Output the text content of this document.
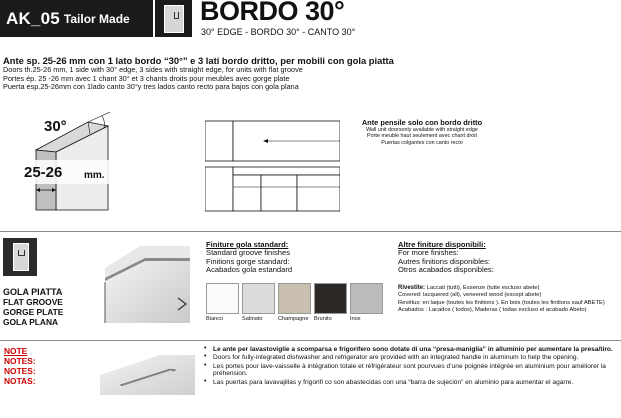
AK_05 Tailor Made	BORDO 30°
30° EDGE - BORDO 30° - CANTO 30°
Ante sp. 25-26 mm con 1 lato bordo “30°” e 3 lati bordo dritto, per mobili con gola piatta
Doors th.25-26 mm, 1 side with 30° edge, 3 sides with straight edge, for units with flat groove
Portes ép. 25 -26 mm avec 1 chant 30° et 3 chants droits pour meubles avec gorge plate
Puerta esp.25-26mm con 1lado canto 30°y tres lados canto recto para bajos con gola plana
30°
25-26 mm.
Ante pensile solo con bordo dritto
Wall unit doorsonly available with straight edge
Porte meuble haut seulement avec chant droit
Puertas colgantes con canto recto
GOLA PIATTA
FLAT GROOVE
GORGE PLATE
GOLA PLANA
Finiture gola standard:
Standard groove finishes
Finitions gorge standard:
Acabados gola estandard
Altre finiture disponibili:
For more finishes:
Autres finitions disponibles:
Otros acabados disponibles:
Bianco	Satinato	Champagne Brunito	Inox
Rivestite: Laccati (tutti), Essenze (tutte escluso abete)
Covered: lacquered (all), veneered wood (except abete)
Revêtus: en laque (toutes les finitions ). En bois (toutes les finitions sauf ABETE)
Acabados : Lacados ( todos), Maderas ( todas excluso el acabado Abeto)
NOTE
NOTES:
NOTES:
NOTAS:
• Le ante per lavastoviglie a scomparsa e frigorifero sono dotate di una “presa-maniglia” in alluminio per aumentare la presa/tiro.
• Doors for fully-integrated dishwasher and refrigerator are provided with an integrated handle in aluminum to help the opening.
• Les portes pour lave-vaisselle à intégration totale et réfrigérateur sont pourvues d’une poignée intégrée en aluminium pour améliorer la préhension.
• Las puertas para lavavajillas y frigorifi co son abastecidas con una “barra de sujeción” en aluminio para aumentar el agarre.
